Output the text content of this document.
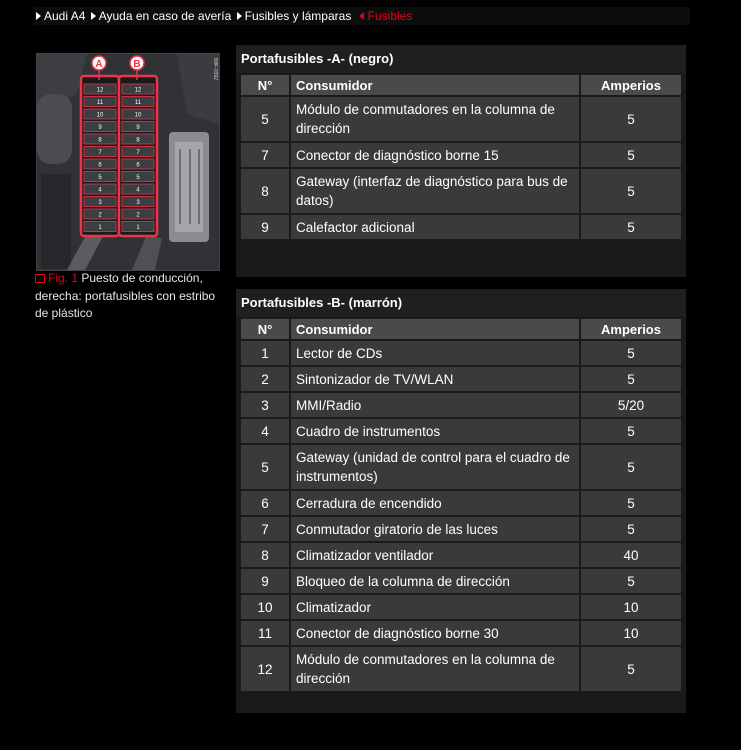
Audi A4 Ayuda en caso de avería Fusibles y lámparas Fusibles
12
11
10
9
8
7
6
5
4
3
2
1
12
11
10
9
8
7
6
5
4
3
2
1
A	B	B8F-0392
Fig. 1 Puesto de conducción, derecha: portafusibles con estribo de plástico
Portafusibles -A- (negro)
N°	Consumidor	Amperios
5	Módulo de conmutadores en la columna de dirección	5
7	Conector de diagnóstico borne 15	5
8	Gateway (interfaz de diagnóstico para bus de datos)	5
9	Calefactor adicional	5
Portafusibles -B- (marrón)
N°	Consumidor	Amperios
1	Lector de CDs	5
2	Sintonizador de TV/WLAN	5
3	MMI/Radio	5/20
4	Cuadro de instrumentos	5
5	Gateway (unidad de control para el cuadro de instrumentos)	5
6	Cerradura de encendido	5
7	Conmutador giratorio de las luces	5
8	Climatizador ventilador	40
9	Bloqueo de la columna de dirección	5
10	Climatizador	10
11	Conector de diagnóstico borne 30	10
12	Módulo de conmutadores en la columna de dirección	5
